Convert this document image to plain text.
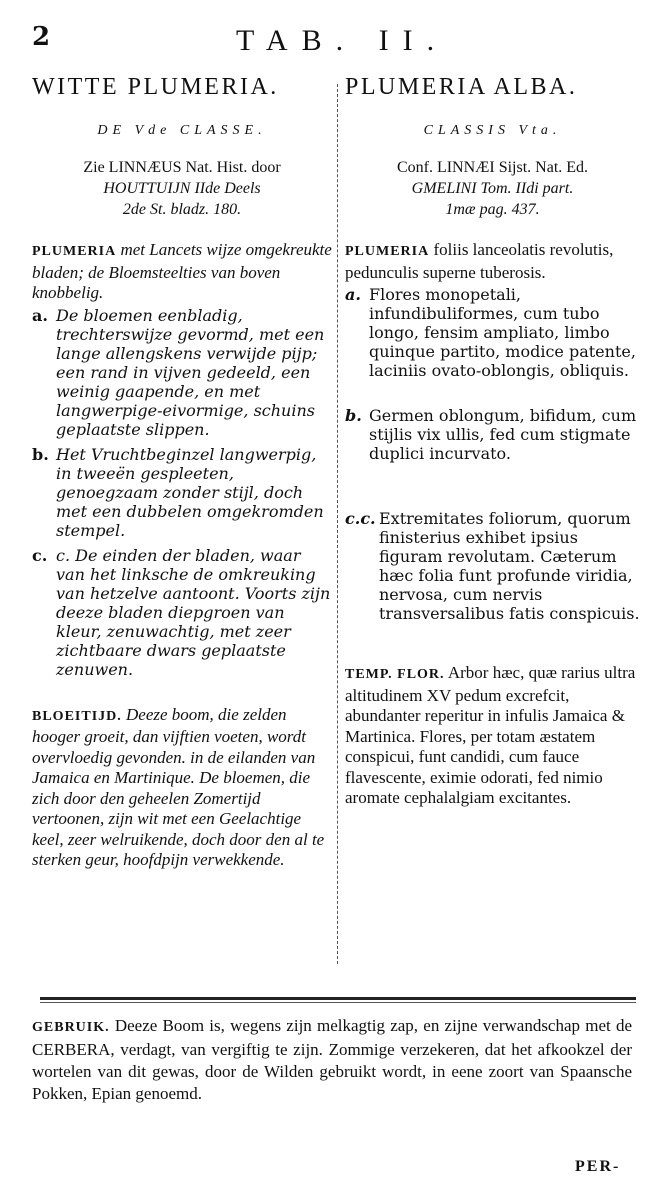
2	TAB. II.
WITTE PLUMERIA.
DE Vde CLASSE.
Zie LINNÆUS Nat. Hist. door
HOUTTUIJN IIde Deels
2de St. bladz. 180.
PLUMERIA met Lancets wijze omgekreukte bladen; de Bloemsteelties van boven knobbelig.
a. De bloemen eenbladig, trechterswijze gevormd, met een lange allengskens verwijde pijp; een rand in vijven gedeeld, een weinig gaapende, en met langwerpige-eivormige, schuins geplaatste slippen.
b. Het Vruchtbeginzel langwerpig, in tweeën gespleeten, genoegzaam zonder stijl, doch met een dubbelen omgekromden stempel.
c. c. De einden der bladen, waar van het linksche de omkreuking van hetzelve aantoont. Voorts zijn deeze bladen diepgroen van kleur, zenuwachtig, met zeer zichtbaare dwars geplaatste zenuwen.
BLOEITIJD. Deeze boom, die zelden hooger groeit, dan vijftien voeten, wordt overvloedig gevonden. in de eilanden van Jamaica en Martinique. De bloemen, die zich door den geheelen Zomertijd vertoonen, zijn wit met een Geelachtige keel, zeer welruikende, doch door den al te sterken geur, hoofdpijn verwekkende.
PLUMERIA ALBA.
CLASSIS Vta.
Conf. LINNÆI Sijst. Nat. Ed.
GMELINI Tom. IIdi part.
1mæ pag. 437.
PLUMERIA foliis lanceolatis revolutis, pedunculis superne tuberosis.
a. Flores monopetali, infundibuliformes, cum tubo longo, fensim ampliato, limbo quinque partito, modice patente, laciniis ovato-oblongis, obliquis.
b. Germen oblongum, bifidum, cum stijlis vix ullis, fed cum stigmate duplici incurvato.
c.c. Extremitates foliorum, quorum finisterius exhibet ipsius figuram revolutam. Cæterum hæc folia funt profunde viridia, nervosa, cum nervis transversalibus fatis conspicuis.
TEMP. FLOR. Arbor hæc, quæ rarius ultra altitudinem XV pedum excrefcit, abundanter reperitur in infulis Jamaica & Martinica. Flores, per totam æstatem conspicui, funt candidi, cum fauce flavescente, eximie odorati, fed nimio aromate cephalalgiam excitantes.
GEBRUIK. Deeze Boom is, wegens zijn melkagtig zap, en zijne verwandschap met de CERBERA, verdagt, van vergiftig te zijn. Zommige verzekeren, dat het afkookzel der wortelen van dit gewas, door de Wilden gebruikt wordt, in eene zoort van Spaansche Pokken, Epian genoemd.
PER-
